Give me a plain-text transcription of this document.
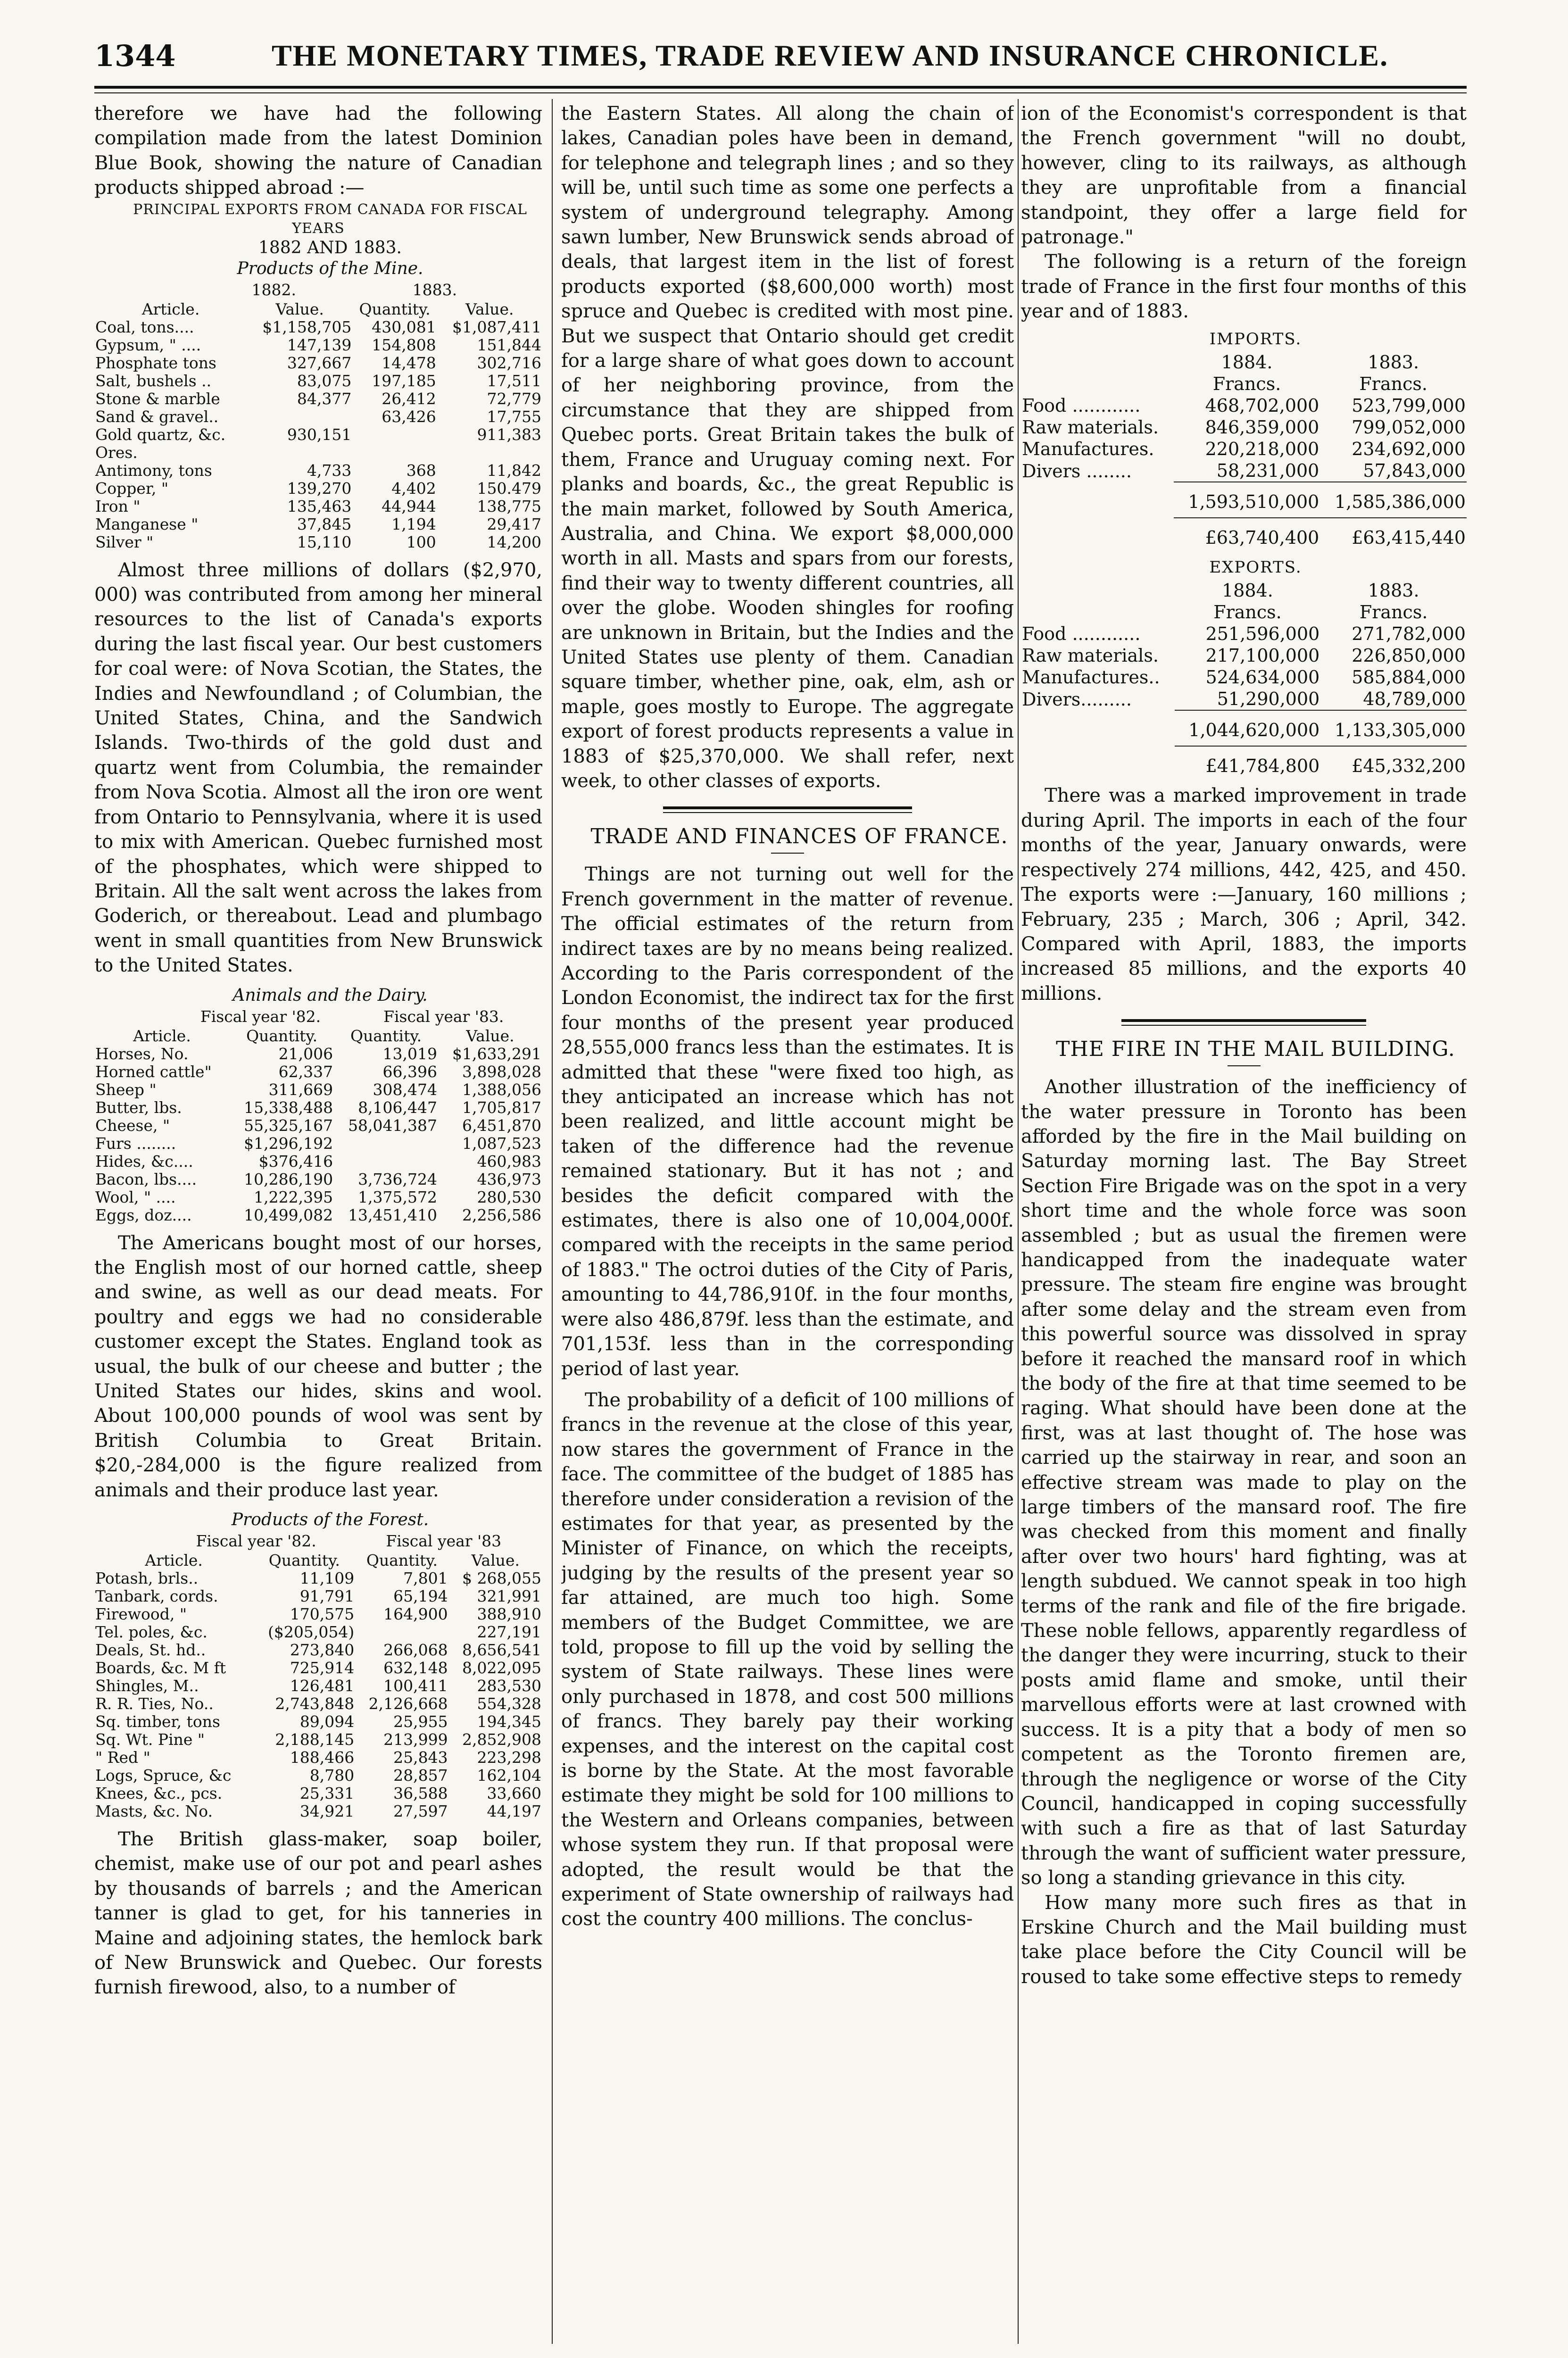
1344	THE MONETARY TIMES, TRADE REVIEW AND INSURANCE CHRONICLE.

therefore we have had the following compilation made from the latest Dominion Blue Book, showing the nature of Canadian products shipped abroad :—

PRINCIPAL EXPORTS FROM CANADA FOR FISCAL YEARS

1882 AND 1883.

Products of the Mine.

	1882.	1883.
Article.	Value.	Quantity.	Value.
Coal, tons....	$1,158,705	430,081	$1,087,411
Gypsum, " ....	147,139	154,808	151,844
Phosphate tons	327,667	14,478	302,716
Salt, bushels ..	83,075	197,185	17,511
Stone & marble	84,377	26,412	72,779
Sand & gravel..		63,426	17,755
Gold quartz, &c.	930,151		911,383
Ores.			
Antimony, tons	4,733	368	11,842
Copper, "	139,270	4,402	150.479
Iron "	135,463	44,944	138,775
Manganese "	37,845	1,194	29,417
Silver "	15,110	100	14,200

Almost three millions of dollars ($2,970, 000) was contributed from among her mineral resources to the list of Canada's exports during the last fiscal year. Our best customers for coal were: of Nova Scotian, the States, the Indies and Newfoundland ; of Columbian, the United States, China, and the Sandwich Islands. Two-thirds of the gold dust and quartz went from Columbia, the remainder from Nova Scotia. Almost all the iron ore went from Ontario to Pennsylvania, where it is used to mix with American. Quebec furnished most of the phosphates, which were shipped to Britain. All the salt went across the lakes from Goderich, or thereabout. Lead and plumbago went in small quantities from New Brunswick to the United States.

Animals and the Dairy.

	Fiscal year '82.	Fiscal year '83.
Article.	Quantity.	Quantity.	Value.
Horses, No.	21,006	13,019	$1,633,291
Horned cattle"	62,337	66,396	3,898,028
Sheep "	311,669	308,474	1,388,056
Butter, lbs.	15,338,488	8,106,447	1,705,817
Cheese, "	55,325,167	58,041,387	6,451,870
Furs ........	$1,296,192		1,087,523
Hides, &c....	$376,416		460,983
Bacon, lbs....	10,286,190	3,736,724	436,973
Wool, " ....	1,222,395	1,375,572	280,530
Eggs, doz....	10,499,082	13,451,410	2,256,586

The Americans bought most of our horses, the English most of our horned cattle, sheep and swine, as well as our dead meats. For poultry and eggs we had no considerable customer except the States. England took as usual, the bulk of our cheese and butter ; the United States our hides, skins and wool. About 100,000 pounds of wool was sent by British Columbia to Great Britain. $20,-284,000 is the figure realized from animals and their produce last year.

Products of the Forest.

	Fiscal year '82.	Fiscal year '83
Article.	Quantity.	Quantity.	Value.
Potash, brls..	11,109	7,801	$ 268,055
Tanbark, cords.	91,791	65,194	321,991
Firewood, "	170,575	164,900	388,910
Tel. poles, &c.	($205,054)		227,191
Deals, St. hd..	273,840	266,068	8,656,541
Boards, &c. M ft	725,914	632,148	8,022,095
Shingles, M..	126,481	100,411	283,530
R. R. Ties, No..	2,743,848	2,126,668	554,328
Sq. timber, tons	89,094	25,955	194,345
Sq. Wt. Pine "	2,188,145	213,999	2,852,908
" Red "	188,466	25,843	223,298
Logs, Spruce, &c	8,780	28,857	162,104
Knees, &c., pcs.	25,331	36,588	33,660
Masts, &c. No.	34,921	27,597	44,197

The British glass-maker, soap boiler, chemist, make use of our pot and pearl ashes by thousands of barrels ; and the American tanner is glad to get, for his tanneries in Maine and adjoining states, the hemlock bark of New Brunswick and Quebec. Our forests furnish firewood, also, to a number of

the Eastern States. All along the chain of lakes, Canadian poles have been in demand, for telephone and telegraph lines ; and so they will be, until such time as some one perfects a system of underground telegraphy. Among sawn lumber, New Brunswick sends abroad of deals, that largest item in the list of forest products exported ($8,600,000 worth) most spruce and Quebec is credited with most pine. But we suspect that Ontario should get credit for a large share of what goes down to account of her neighboring province, from the circumstance that they are shipped from Quebec ports. Great Britain takes the bulk of them, France and Uruguay coming next. For planks and boards, &c., the great Republic is the main market, followed by South America, Australia, and China. We export $8,000,000 worth in all. Masts and spars from our forests, find their way to twenty different countries, all over the globe. Wooden shingles for roofing are unknown in Britain, but the Indies and the United States use plenty of them. Canadian square timber, whether pine, oak, elm, ash or maple, goes mostly to Europe. The aggregate export of forest products represents a value in 1883 of $25,370,000. We shall refer, next week, to other classes of exports.

TRADE AND FINANCES OF FRANCE.

Things are not turning out well for the French government in the matter of revenue. The official estimates of the return from indirect taxes are by no means being realized. According to the Paris correspondent of the London Economist, the indirect tax for the first four months of the present year produced 28,555,000 francs less than the estimates. It is admitted that these "were fixed too high, as they anticipated an increase which has not been realized, and little account might be taken of the difference had the revenue remained stationary. But it has not ; and besides the deficit compared with the estimates, there is also one of 10,004,000f. compared with the receipts in the same period of 1883." The octroi duties of the City of Paris, amounting to 44,786,910f. in the four months, were also 486,879f. less than the estimate, and 701,153f. less than in the corresponding period of last year.

The probability of a deficit of 100 millions of francs in the revenue at the close of this year, now stares the government of France in the face. The committee of the budget of 1885 has therefore under consideration a revision of the estimates for that year, as presented by the Minister of Finance, on which the receipts, judging by the results of the present year so far attained, are much too high. Some members of the Budget Committee, we are told, propose to fill up the void by selling the system of State railways. These lines were only purchased in 1878, and cost 500 millions of francs. They barely pay their working expenses, and the interest on the capital cost is borne by the State. At the most favorable estimate they might be sold for 100 millions to the Western and Orleans companies, between whose system they run. If that proposal were adopted, the result would be that the experiment of State ownership of railways had cost the country 400 millions. The conclus-

ion of the Economist's correspondent is that the French government "will no doubt, however, cling to its railways, as although they are unprofitable from a financial standpoint, they offer a large field for patronage."

The following is a return of the foreign trade of France in the first four months of this year and of 1883.

IMPORTS.

	1884.	1883.
	Francs.	Francs.
Food ............	468,702,000	523,799,000
Raw materials.	846,359,000	799,052,000
Manufactures.	220,218,000	234,692,000
Divers ........	58,231,000	57,843,000
	1,593,510,000	1,585,386,000
	£63,740,400	£63,415,440

EXPORTS.

	1884.	1883.
	Francs.	Francs.
Food ............	251,596,000	271,782,000
Raw materials.	217,100,000	226,850,000
Manufactures..	524,634,000	585,884,000
Divers.........	51,290,000	48,789,000
	1,044,620,000	1,133,305,000
	£41,784,800	£45,332,200

There was a marked improvement in trade during April. The imports in each of the four months of the year, January onwards, were respectively 274 millions, 442, 425, and 450. The exports were :—January, 160 millions ; February, 235 ; March, 306 ; April, 342. Compared with April, 1883, the imports increased 85 millions, and the exports 40 millions.

THE FIRE IN THE MAIL BUILDING.

Another illustration of the inefficiency of the water pressure in Toronto has been afforded by the fire in the Mail building on Saturday morning last. The Bay Street Section Fire Brigade was on the spot in a very short time and the whole force was soon assembled ; but as usual the firemen were handicapped from the inadequate water pressure. The steam fire engine was brought after some delay and the stream even from this powerful source was dissolved in spray before it reached the mansard roof in which the body of the fire at that time seemed to be raging. What should have been done at the first, was at last thought of. The hose was carried up the stairway in rear, and soon an effective stream was made to play on the large timbers of the mansard roof. The fire was checked from this moment and finally after over two hours' hard fighting, was at length subdued. We cannot speak in too high terms of the rank and file of the fire brigade. These noble fellows, apparently regardless of the danger they were incurring, stuck to their posts amid flame and smoke, until their marvellous efforts were at last crowned with success. It is a pity that a body of men so competent as the Toronto firemen are, through the negligence or worse of the City Council, handicapped in coping successfully with such a fire as that of last Saturday through the want of sufficient water pressure, so long a standing grievance in this city.

How many more such fires as that in Erskine Church and the Mail building must take place before the City Council will be roused to take some effective steps to remedy
